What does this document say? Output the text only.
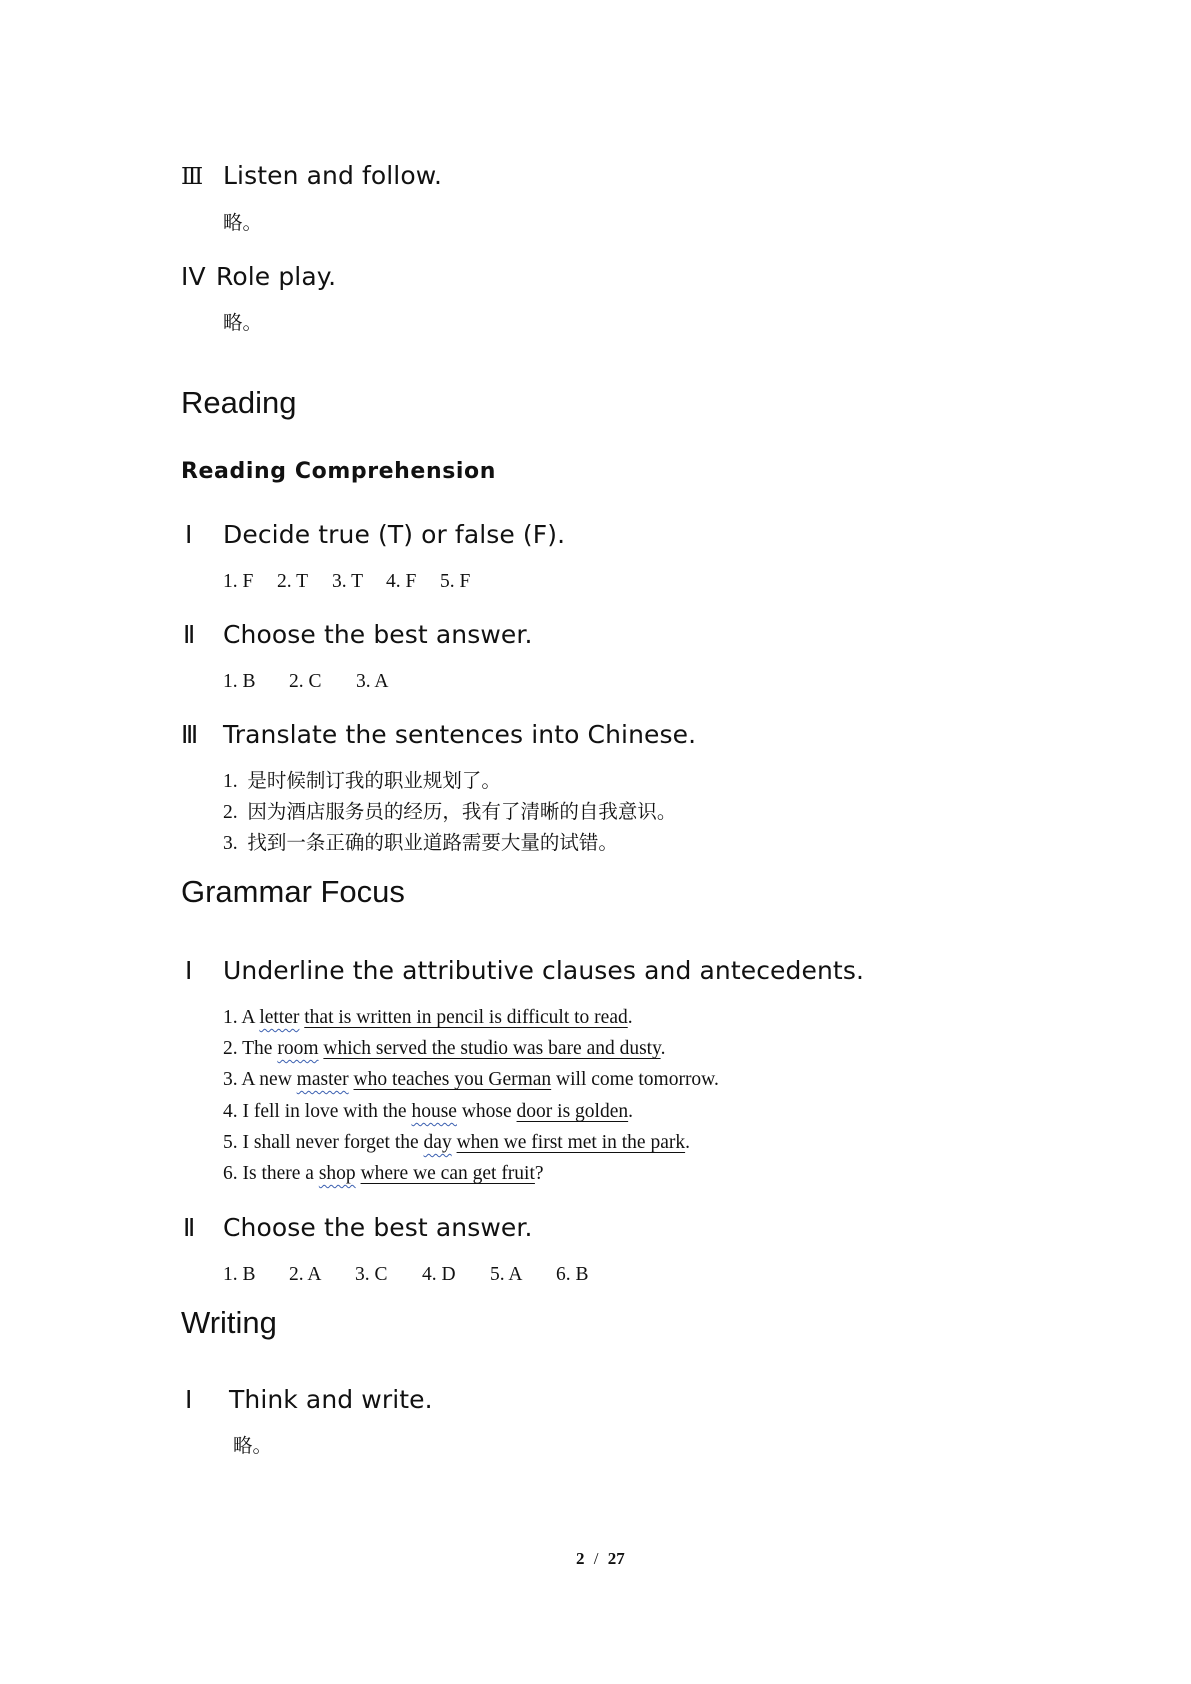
Ⅲ Listen and follow.
略。
IV Role play.
略。
Reading
Reading Comprehension
Ⅰ Decide true (T) or false (F).
1. F 2. T 3. T 4. F 5. F
Ⅱ Choose the best answer.
1. B 2. C 3. A
Ⅲ Translate the sentences into Chinese.
1. 是时候制订我的职业规划了。
2. 因为酒店服务员的经历，我有了清晰的自我意识。
3. 找到一条正确的职业道路需要大量的试错。
Grammar Focus
Ⅰ Underline the attributive clauses and antecedents.
1. A letter that is written in pencil is difficult to read.
2. The room which served the studio was bare and dusty.
3. A new master who teaches you German will come tomorrow.
4. I fell in love with the house whose door is golden.
5. I shall never forget the day when we first met in the park.
6. Is there a shop where we can get fruit?
Ⅱ Choose the best answer.
1. B 2. A 3. C 4. D 5. A 6. B
Writing
Ⅰ Think and write.
略。
2 / 27
